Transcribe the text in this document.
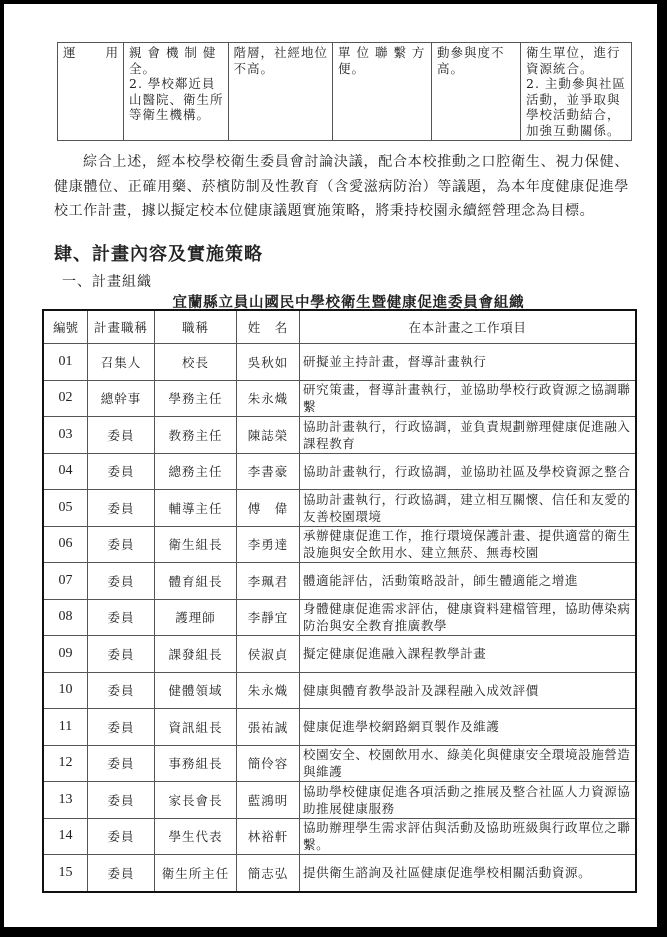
運　　用	親 會 機 制 健
全。
2. 學校鄰近員
山醫院、衛生所
等衛生機構。

階層，社經地位
不高。

單 位 聯 繫 方
便。

動參與度不
高。

衛生單位，進行
資源統合。
2. 主動參與社區
活動，並爭取與
學校活動結合，
加強互動關係。
綜合上述，經本校學校衛生委員會討論決議，配合本校推動之口腔衛生、視力保健、健康體位、正確用藥、菸檳防制及性教育（含愛滋病防治）等議題，為本年度健康促進學校工作計畫，據以擬定校本位健康議題實施策略，將秉持校園永續經營理念為目標。
肆、計畫內容及實施策略
一、計畫組織
宜蘭縣立員山國民中學校衛生暨健康促進委員會組織
編號	計畫職稱	職稱	姓　名	在本計畫之工作項目
01	召集人	校長	吳秋如	研擬並主持計畫，督導計畫執行
02	總幹事	學務主任	朱永熾	研究策畫，督導計畫執行，並協助學校行政資源之協調聯繫
03	委員	教務主任	陳誌榮	協助計畫執行，行政協調，並負責規劃辦理健康促進融入課程教育
04	委員	總務主任	李書豪	協助計畫執行，行政協調，並協助社區及學校資源之整合
05	委員	輔導主任	傅　偉	協助計畫執行，行政協調，建立相互關懷、信任和友愛的友善校園環境
06	委員	衛生組長	李勇達	承辦健康促進工作，推行環境保護計畫、提供適當的衛生設施與安全飲用水、建立無菸、無毒校園
07	委員	體育組長	李珮君	體適能評估，活動策略設計，師生體適能之增進
08	委員	護理師	李靜宜	身體健康促進需求評估，健康資料建檔管理，協助傳染病防治與安全教育推廣教學
09	委員	課發組長	侯淑貞	擬定健康促進融入課程教學計畫
10	委員	健體領域	朱永熾	健康與體育教學設計及課程融入成效評價
11	委員	資訊組長	張祐誠	健康促進學校網路網頁製作及維護
12	委員	事務組長	簡伶容	校園安全、校園飲用水、綠美化與健康安全環境設施營造與維護
13	委員	家長會長	藍鴻明	協助學校健康促進各項活動之推展及整合社區人力資源協助推展健康服務
14	委員	學生代表	林裕軒	協助辦理學生需求評估與活動及協助班級與行政單位之聯繫。
15	委員	衛生所主任	簡志弘	提供衛生諮詢及社區健康促進學校相關活動資源。
